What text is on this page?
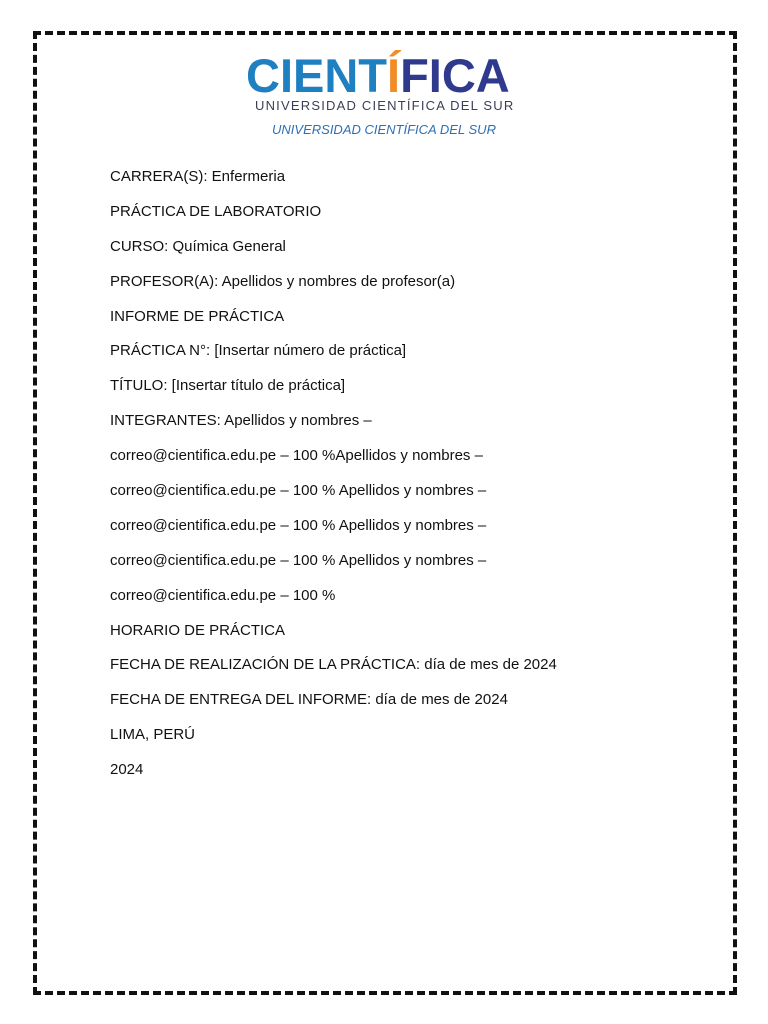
CIENTÍFICA
UNIVERSIDAD CIENTÍFICA DEL SUR
UNIVERSIDAD CIENTÍFICA DEL SUR
CARRERA(S): Enfermeria
PRÁCTICA DE LABORATORIO
CURSO: Química General
PROFESOR(A): Apellidos y nombres de profesor(a)
INFORME DE PRÁCTICA
PRÁCTICA N°: [Insertar número de práctica]
TÍTULO: [Insertar título de práctica]
INTEGRANTES: Apellidos y nombres –
correo@cientifica.edu.pe – 100 %Apellidos y nombres –
correo@cientifica.edu.pe – 100 % Apellidos y nombres –
correo@cientifica.edu.pe – 100 % Apellidos y nombres –
correo@cientifica.edu.pe – 100 % Apellidos y nombres –
correo@cientifica.edu.pe – 100 %
HORARIO DE PRÁCTICA
FECHA DE REALIZACIÓN DE LA PRÁCTICA: día de mes de 2024
FECHA DE ENTREGA DEL INFORME: día de mes de 2024
LIMA, PERÚ
2024
